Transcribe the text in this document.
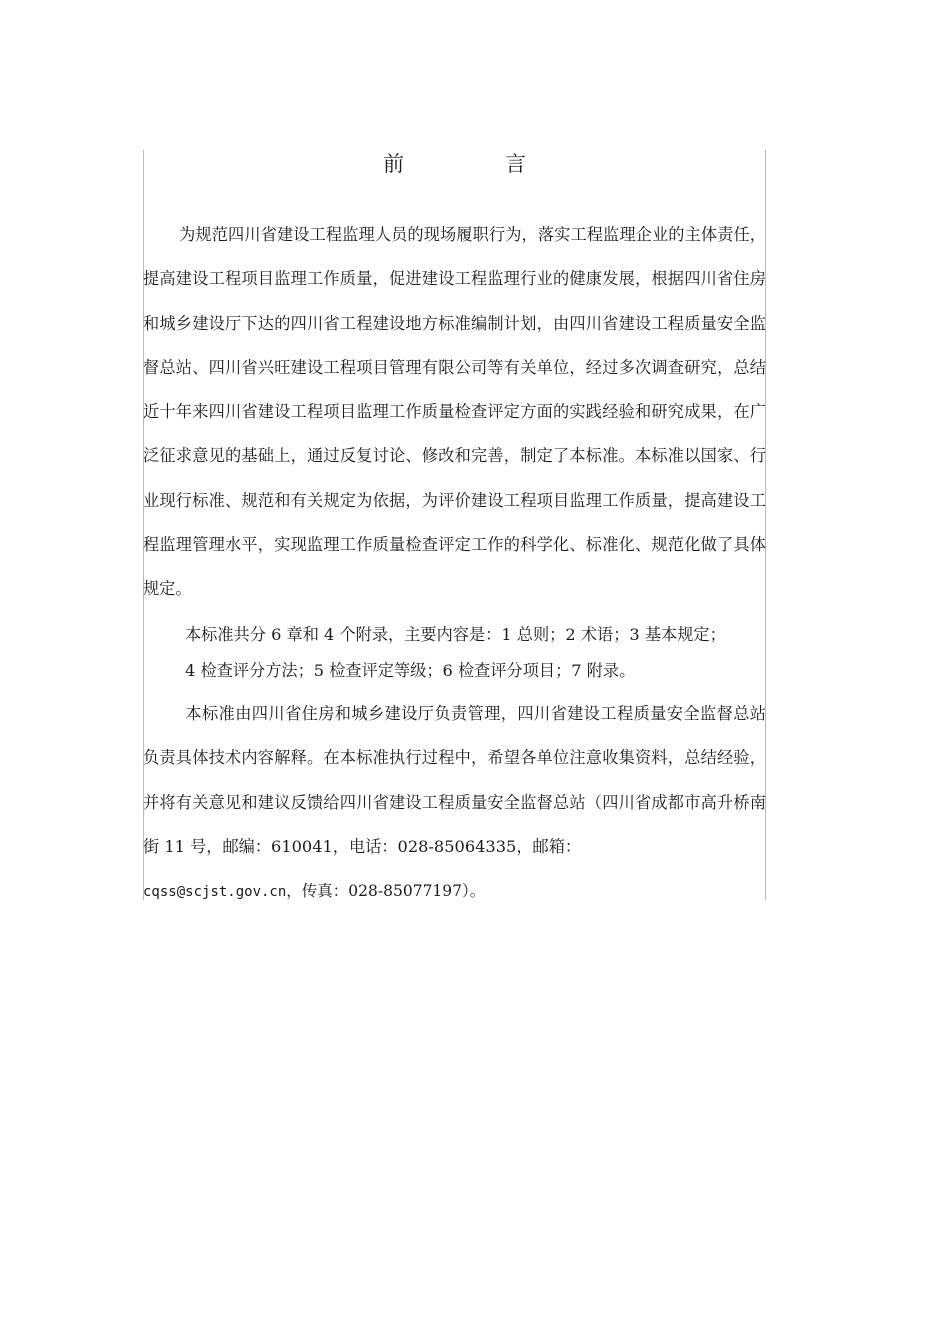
前　言

为规范四川省建设工程监理人员的现场履职行为，落实工程监理企业的主体责任，提高建设工程项目监理工作质量，促进建设工程监理行业的健康发展，根据四川省住房和城乡建设厅下达的四川省工程建设地方标准编制计划，由四川省建设工程质量安全监督总站、四川省兴旺建设工程项目管理有限公司等有关单位，经过多次调查研究，总结近十年来四川省建设工程项目监理工作质量检查评定方面的实践经验和研究成果，在广泛征求意见的基础上，通过反复讨论、修改和完善，制定了本标准。本标准以国家、行业现行标准、规范和有关规定为依据，为评价建设工程项目监理工作质量，提高建设工程监理管理水平，实现监理工作质量检查评定工作的科学化、标准化、规范化做了具体规定。

本标准共分 6 章和 4 个附录，主要内容是：1 总则；2 术语；3 基本规定；
4 检查评分方法；5 检查评定等级；6 检查评分项目；7 附录。

本标准由四川省住房和城乡建设厅负责管理，四川省建设工程质量安全监督总站负责具体技术内容解释。在本标准执行过程中，希望各单位注意收集资料，总结经验，并将有关意见和建议反馈给四川省建设工程质量安全监督总站（四川省成都市高升桥南街 11 号，邮编：610041，电话：028-85064335，邮箱：

cqss@scjst.gov.cn，传真：028-85077197）。
